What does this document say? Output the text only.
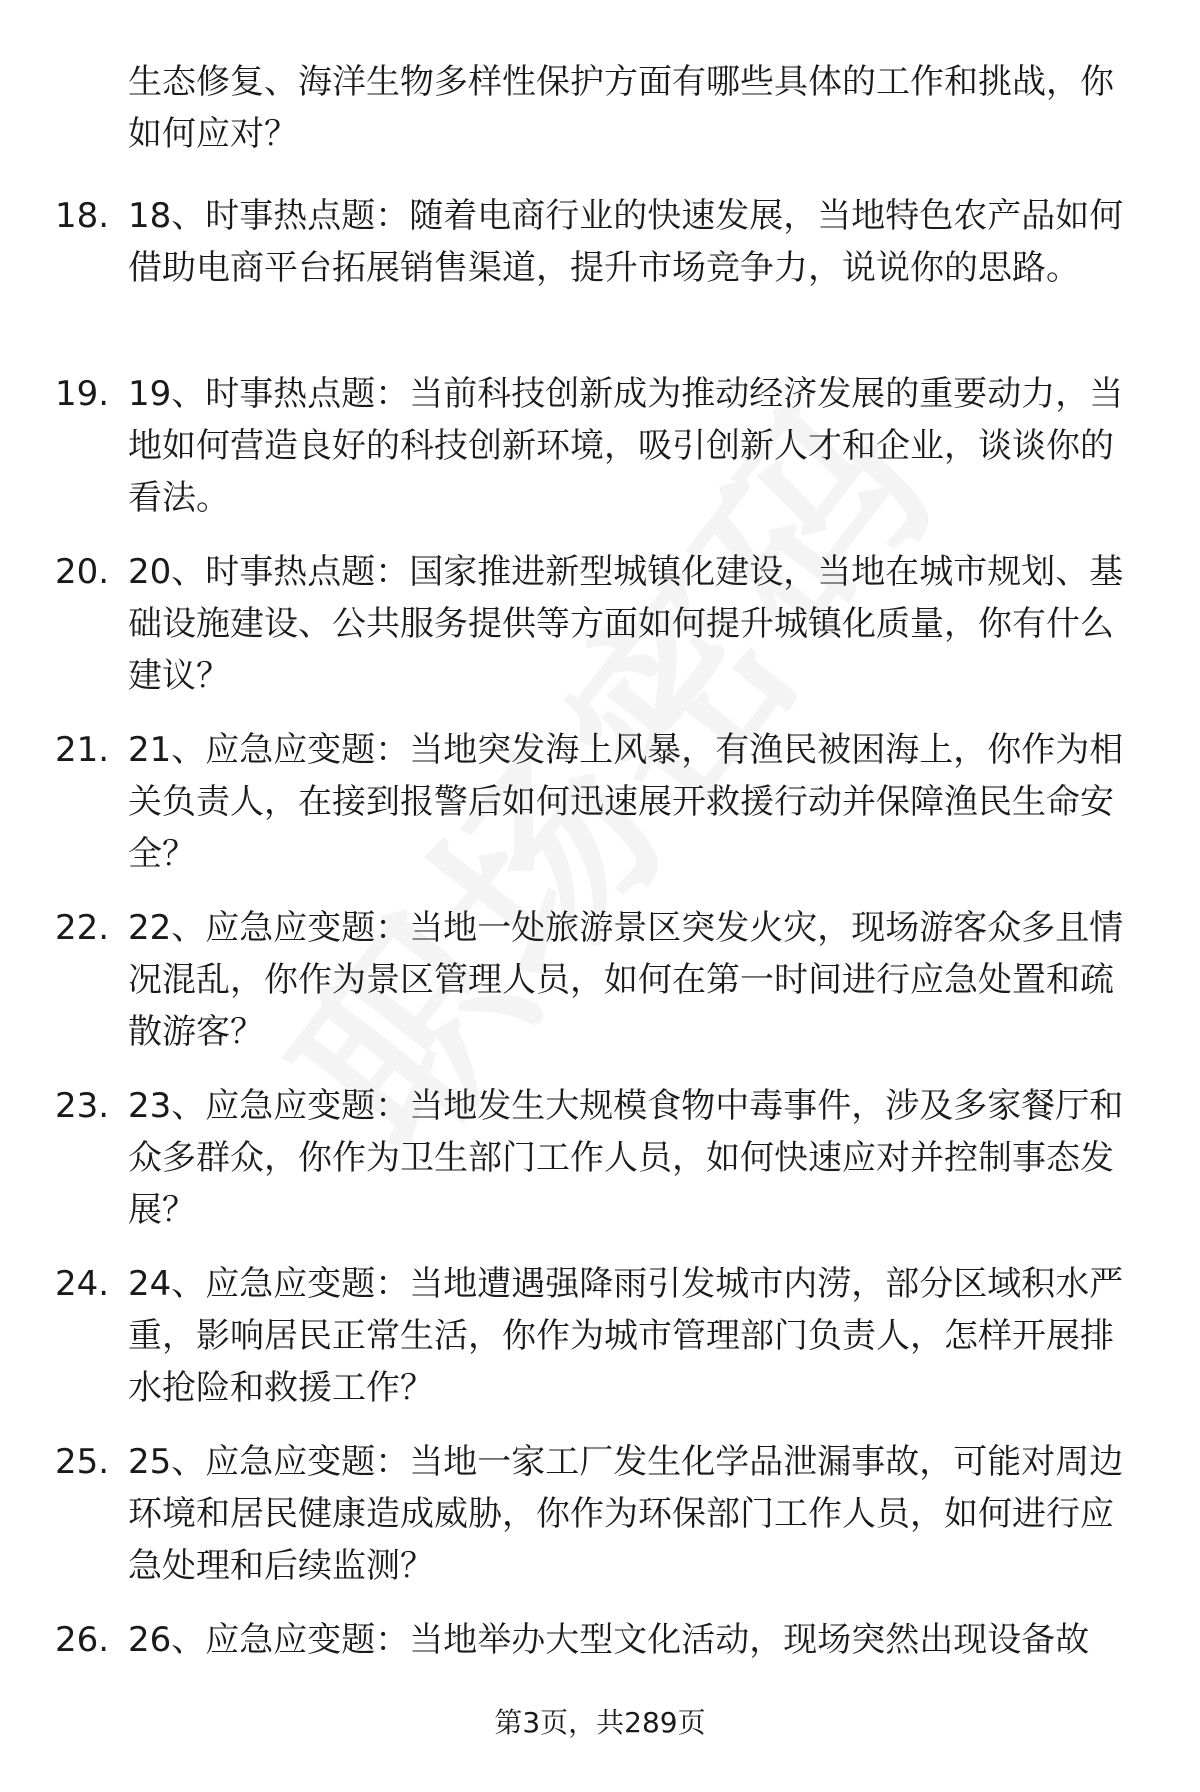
生态修复、海洋生物多样性保护方面有哪些具体的工作和挑战，你如何应对？
18. 18、时事热点题：随着电商行业的快速发展，当地特色农产品如何借助电商平台拓展销售渠道，提升市场竞争力，说说你的思路。
19. 19、时事热点题：当前科技创新成为推动经济发展的重要动力，当地如何营造良好的科技创新环境，吸引创新人才和企业，谈谈你的看法。
20. 20、时事热点题：国家推进新型城镇化建设，当地在城市规划、基础设施建设、公共服务提供等方面如何提升城镇化质量，你有什么建议？
21. 21、应急应变题：当地突发海上风暴，有渔民被困海上，你作为相关负责人，在接到报警后如何迅速展开救援行动并保障渔民生命安全？
22. 22、应急应变题：当地一处旅游景区突发火灾，现场游客众多且情况混乱，你作为景区管理人员，如何在第一时间进行应急处置和疏散游客？
23. 23、应急应变题：当地发生大规模食物中毒事件，涉及多家餐厅和众多群众，你作为卫生部门工作人员，如何快速应对并控制事态发展？
24. 24、应急应变题：当地遭遇强降雨引发城市内涝，部分区域积水严重，影响居民正常生活，你作为城市管理部门负责人，怎样开展排水抢险和救援工作？
25. 25、应急应变题：当地一家工厂发生化学品泄漏事故，可能对周边环境和居民健康造成威胁，你作为环保部门工作人员，如何进行应急处理和后续监测？
26. 26、应急应变题：当地举办大型文化活动，现场突然出现设备故
第3页，共289页
